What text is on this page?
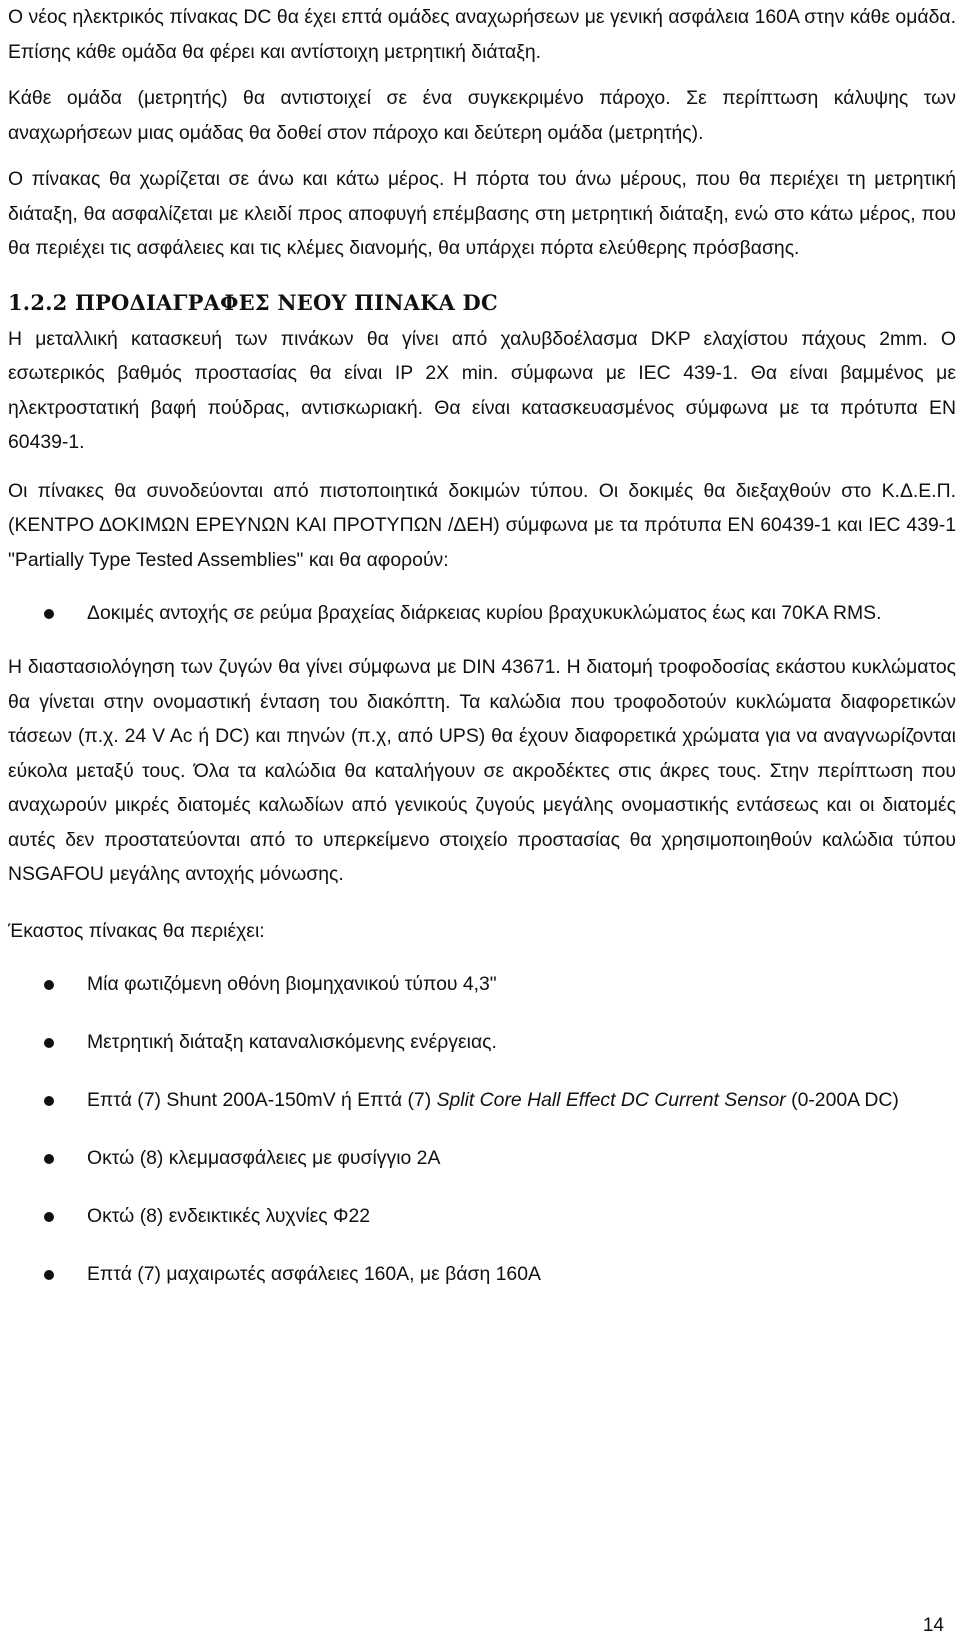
Ο νέος ηλεκτρικός πίνακας DC θα έχει επτά ομάδες αναχωρήσεων με γενική ασφάλεια 160Α στην κάθε ομάδα. Επίσης κάθε ομάδα θα φέρει και αντίστοιχη μετρητική διάταξη.

Κάθε ομάδα (μετρητής) θα αντιστοιχεί σε ένα συγκεκριμένο πάροχο. Σε περίπτωση κάλυψης των αναχωρήσεων μιας ομάδας θα δοθεί στον πάροχο και δεύτερη ομάδα (μετρητής).

Ο πίνακας θα χωρίζεται σε άνω και κάτω μέρος. Η πόρτα του άνω μέρους, που θα περιέχει τη μετρητική διάταξη, θα ασφαλίζεται με κλειδί προς αποφυγή επέμβασης στη μετρητική διάταξη, ενώ στο κάτω μέρος, που θα περιέχει τις ασφάλειες και τις κλέμες διανομής, θα υπάρχει πόρτα ελεύθερης πρόσβασης.

1.2.2 ΠΡΟΔΙΑΓΡΑΦΕΣ ΝΕΟΥ ΠΙΝΑΚΑ DC

Η μεταλλική κατασκευή των πινάκων θα γίνει από χαλυβδοέλασμα DKP ελαχίστου πάχους 2mm. Ο εσωτερικός βαθμός προστασίας θα είναι IP 2X min. σύμφωνα με IEC 439-1. Θα είναι βαμμένος με ηλεκτροστατική βαφή πούδρας, αντισκωριακή. Θα είναι κατασκευασμένος σύμφωνα με τα πρότυπα EN 60439-1.

Οι πίνακες θα συνοδεύονται από πιστοποιητικά δοκιμών τύπου. Οι δοκιμές θα διεξαχθούν στο Κ.Δ.Ε.Π. (ΚΕΝΤΡΟ ΔΟΚΙΜΩΝ ΕΡΕΥΝΩΝ ΚΑΙ ΠΡΟΤΥΠΩΝ /ΔΕΗ) σύμφωνα με τα πρότυπα EN 60439-1 και IEC 439-1 "Partially Type Tested Assemblies" και θα αφορούν:

Δοκιμές αντοχής σε ρεύμα βραχείας διάρκειας κυρίου βραχυκυκλώματος έως και 70ΚΑ RMS.

Η διαστασιολόγηση των ζυγών θα γίνει σύμφωνα με DIN 43671. Η διατομή τροφοδοσίας εκάστου κυκλώματος θα γίνεται στην ονομαστική ένταση του διακόπτη. Τα καλώδια που τροφοδοτούν κυκλώματα διαφορετικών τάσεων (π.χ. 24 V Ac ή DC) και πηνών (π.χ, από UPS) θα έχουν διαφορετικά χρώματα για να αναγνωρίζονται εύκολα μεταξύ τους. Όλα τα καλώδια θα καταλήγουν σε ακροδέκτες στις άκρες τους. Στην περίπτωση που αναχωρούν μικρές διατομές καλωδίων από γενικούς ζυγούς μεγάλης ονομαστικής εντάσεως και οι διατομές αυτές δεν προστατεύονται από το υπερκείμενο στοιχείο προστασίας θα χρησιμοποιηθούν καλώδια τύπου NSGAFOU μεγάλης αντοχής μόνωσης.

Έκαστος πίνακας θα περιέχει:

Μία φωτιζόμενη οθόνη βιομηχανικού τύπου 4,3"
Μετρητική διάταξη καταναλισκόμενης ενέργειας.
Επτά (7) Shunt 200A-150mV ή Επτά (7) Split Core Hall Effect DC Current Sensor (0-200A DC)
Οκτώ (8) κλεμμασφάλειες με φυσίγγιο 2Α
Οκτώ (8) ενδεικτικές λυχνίες Φ22
Επτά (7) μαχαιρωτές ασφάλειες 160Α, με βάση 160Α
14
